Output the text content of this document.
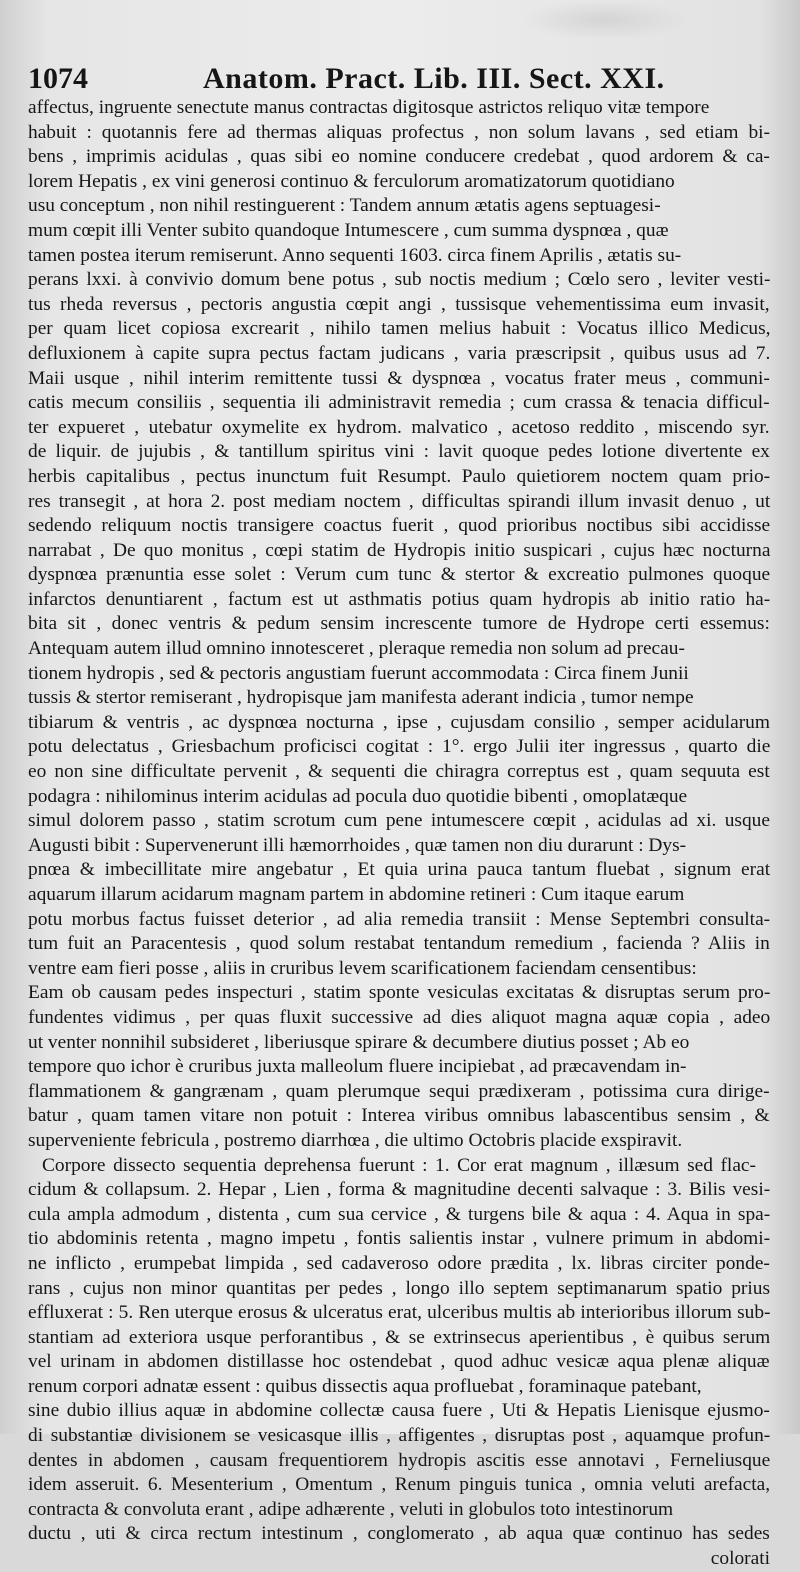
1074	Anatom. Pract. Lib. III. Sect. XXI.
affectus, ingruente senectute manus contractas digitosque astrictos reliquo vitæ tempore
habuit : quotannis fere ad thermas aliquas profectus , non solum lavans , sed etiam bi-
bens , imprimis acidulas , quas sibi eo nomine conducere credebat , quod ardorem & ca-
lorem Hepatis , ex vini generosi continuo & ferculorum aromatizatorum quotidiano
usu conceptum , non nihil restinguerent : Tandem annum ætatis agens septuagesi-
mum cœpit illi Venter subito quandoque Intumescere , cum summa dyspnœa , quæ
tamen postea iterum remiserunt. Anno sequenti 1603. circa finem Aprilis , ætatis su-
perans lxxi. à convivio domum bene potus , sub noctis medium ; Cœlo sero , leviter vesti-
tus rheda reversus , pectoris angustia cœpit angi , tussisque vehementissima eum invasit,
per quam licet copiosa excrearit , nihilo tamen melius habuit : Vocatus illico Medicus,
defluxionem à capite supra pectus factam judicans , varia præscripsit , quibus usus ad 7.
Maii usque , nihil interim remittente tussi & dyspnœa , vocatus frater meus , communi-
catis mecum consiliis , sequentia ili administravit remedia ; cum crassa & tenacia difficul-
ter expueret , utebatur oxymelite ex hydrom. malvatico , acetoso reddito , miscendo syr.
de liquir. de jujubis , & tantillum spiritus vini : lavit quoque pedes lotione divertente ex
herbis capitalibus , pectus inunctum fuit Resumpt. Paulo quietiorem noctem quam prio-
res transegit , at hora 2. post mediam noctem , difficultas spirandi illum invasit denuo , ut
sedendo reliquum noctis transigere coactus fuerit , quod prioribus noctibus sibi accidisse
narrabat , De quo monitus , cœpi statim de Hydropis initio suspicari , cujus hæc nocturna
dyspnœa prænuntia esse solet : Verum cum tunc & stertor & excreatio pulmones quoque
infarctos denuntiarent , factum est ut asthmatis potius quam hydropis ab initio ratio ha-
bita sit , donec ventris & pedum sensim increscente tumore de Hydrope certi essemus:
Antequam autem illud omnino innotesceret , pleraque remedia non solum ad precau-
tionem hydropis , sed & pectoris angustiam fuerunt accommodata : Circa finem Junii
tussis & stertor remiserant , hydropisque jam manifesta aderant indicia , tumor nempe
tibiarum & ventris , ac dyspnœa nocturna , ipse , cujusdam consilio , semper acidularum
potu delectatus , Griesbachum proficisci cogitat : 1°. ergo Julii iter ingressus , quarto die
eo non sine difficultate pervenit , & sequenti die chiragra correptus est , quam sequuta est
podagra : nihilominus interim acidulas ad pocula duo quotidie bibenti , omoplatæque
simul dolorem passo , statim scrotum cum pene intumescere cœpit , acidulas ad xi. usque
Augusti bibit : Supervenerunt illi hæmorrhoides , quæ tamen non diu durarunt : Dys-
pnœa & imbecillitate mire angebatur , Et quia urina pauca tantum fluebat , signum erat
aquarum illarum acidarum magnam partem in abdomine retineri : Cum itaque earum
potu morbus factus fuisset deterior , ad alia remedia transiit : Mense Septembri consulta-
tum fuit an Paracentesis , quod solum restabat tentandum remedium , facienda ? Aliis in
ventre eam fieri posse , aliis in cruribus levem scarificationem faciendam censentibus:
Eam ob causam pedes inspecturi , statim sponte vesiculas excitatas & disruptas serum pro-
fundentes vidimus , per quas fluxit successive ad dies aliquot magna aquæ copia , adeo
ut venter nonnihil subsideret , liberiusque spirare & decumbere diutius posset ; Ab eo
tempore quo ichor è cruribus juxta malleolum fluere incipiebat , ad præcavendam in-
flammationem & gangrænam , quam plerumque sequi prædixeram , potissima cura dirige-
batur , quam tamen vitare non potuit : Interea viribus omnibus labascentibus sensim , &
superveniente febricula , postremo diarrhœa , die ultimo Octobris placide exspiravit.
Corpore dissecto sequentia deprehensa fuerunt : 1. Cor erat magnum , illæsum sed flac-
cidum & collapsum. 2. Hepar , Lien , forma & magnitudine decenti salvaque : 3. Bilis vesi-
cula ampla admodum , distenta , cum sua cervice , & turgens bile & aqua : 4. Aqua in spa-
tio abdominis retenta , magno impetu , fontis salientis instar , vulnere primum in abdomi-
ne inflicto , erumpebat limpida , sed cadaveroso odore prædita , lx. libras circiter ponde-
rans , cujus non minor quantitas per pedes , longo illo septem septimanarum spatio prius
effluxerat : 5. Ren uterque erosus & ulceratus erat, ulceribus multis ab interioribus illorum sub-
stantiam ad exteriora usque perforantibus , & se extrinsecus aperientibus , è quibus serum
vel urinam in abdomen distillasse hoc ostendebat , quod adhuc vesicæ aqua plenæ aliquæ
renum corpori adnatæ essent : quibus dissectis aqua profluebat , foraminaque patebant,
sine dubio illius aquæ in abdomine collectæ causa fuere , Uti & Hepatis Lienisque ejusmo-
di substantiæ divisionem se vesicasque illis , affigentes , disruptas post , aquamque profun-
dentes in abdomen , causam frequentiorem hydropis ascitis esse annotavi , Ferneliusque
idem asseruit. 6. Mesenterium , Omentum , Renum pinguis tunica , omnia veluti arefacta,
contracta & convoluta erant , adipe adhærente , veluti in globulos toto intestinorum
ductu , uti & circa rectum intestinum , conglomerato , ab aqua quæ continuo has sedes
colorati
